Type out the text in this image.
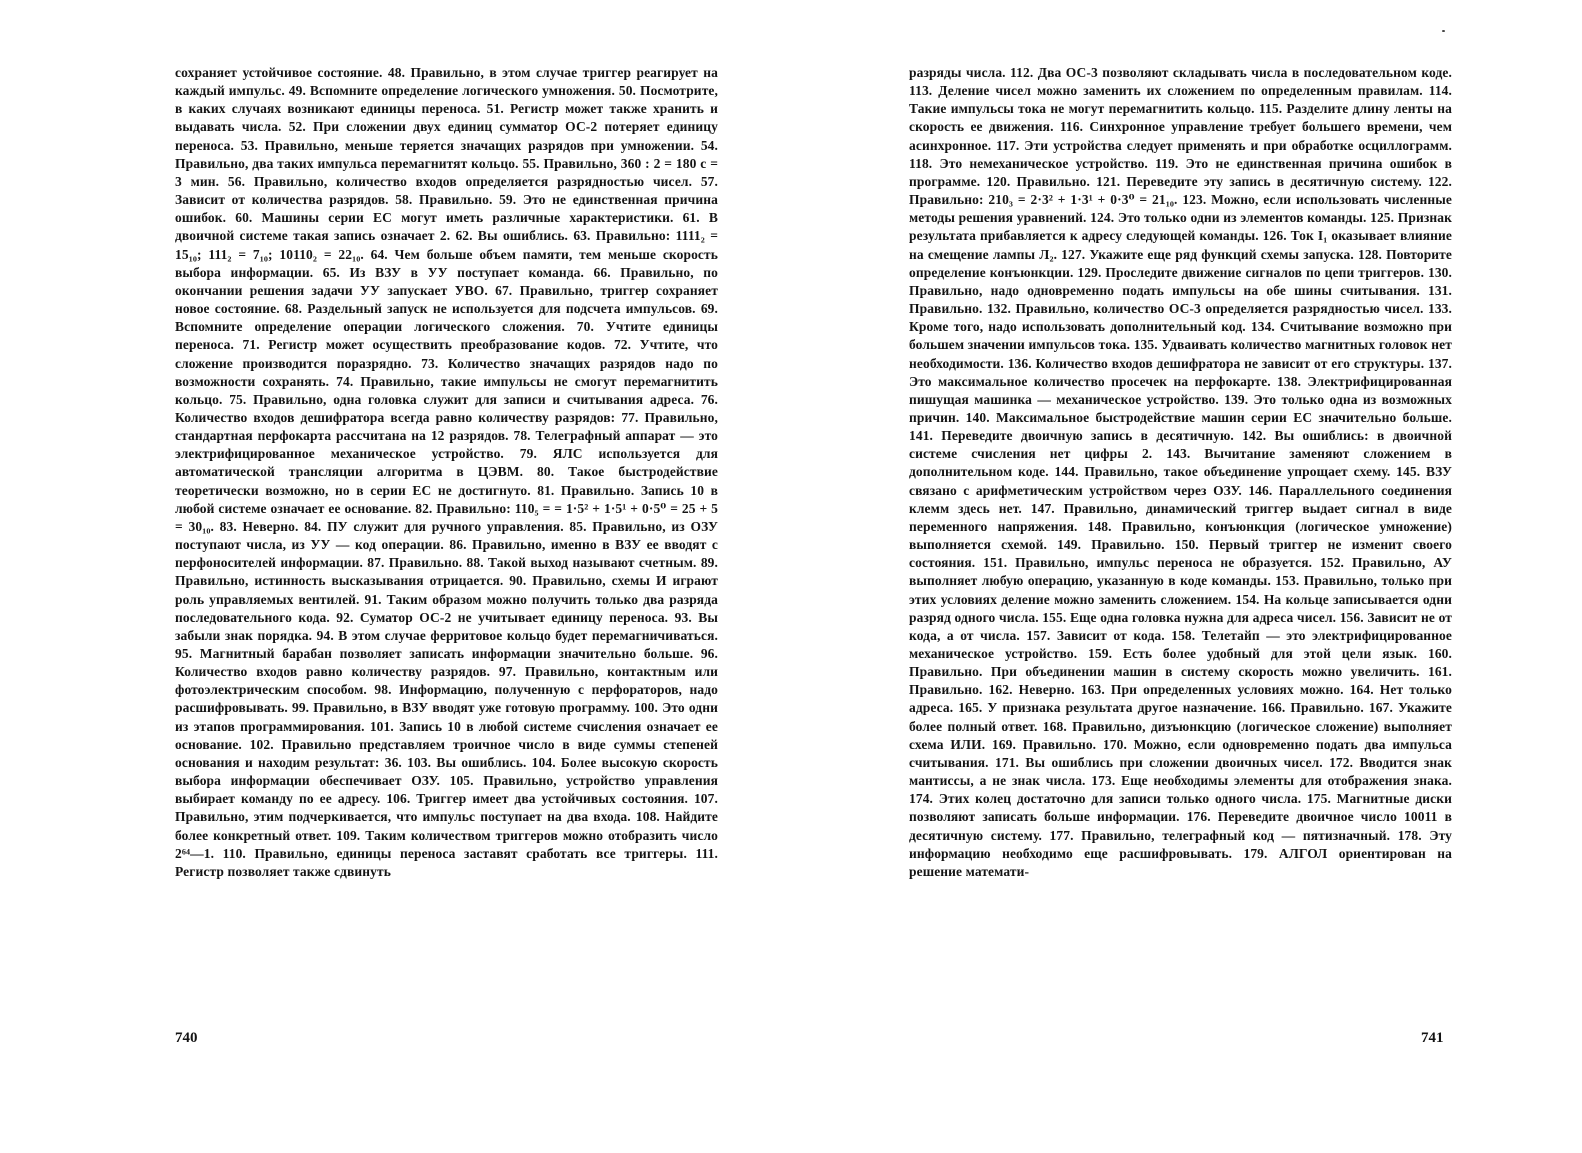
сохраняет устойчивое состояние. 48. Правильно, в этом случае триггер реагирует на каждый импульс. 49. Вспомните определение логического умножения. 50. Посмотрите, в каких случаях возникают единицы переноса. 51. Регистр может также хранить и выдавать числа. 52. При сложении двух единиц сумматор ОС-2 потеряет единицу переноса. 53. Правильно, меньше теряется значащих разрядов при умножении. 54. Правильно, два таких импульса перемагнитят кольцо. 55. Правильно, 360 : 2 = 180 с = 3 мин. 56. Правильно, количество входов определяется разрядностью чисел. 57. Зависит от количества разрядов. 58. Правильно. 59. Это не единственная причина ошибок. 60. Машины серии ЕС могут иметь различные характеристики. 61. В двоичной системе такая запись означает 2. 62. Вы ошиблись. 63. Правильно: 1111₂ = 15₁₀; 111₂ = 7₁₀; 10110₂ = 22₁₀. 64. Чем больше объем памяти, тем меньше скорость выбора информации. 65. Из ВЗУ в УУ поступает команда. 66. Правильно, по окончании решения задачи УУ запускает УВО. 67. Правильно, триггер сохраняет новое состояние. 68. Раздельный запуск не используется для подсчета импульсов. 69. Вспомните определение операции логического сложения. 70. Учтите единицы переноса. 71. Регистр может осуществить преобразование кодов. 72. Учтите, что сложение производится поразрядно. 73. Количество значащих разрядов надо по возможности сохранять. 74. Правильно, такие импульсы не смогут перемагнитить кольцо. 75. Правильно, одна головка служит для записи и считывания адреса. 76. Количество входов дешифратора всегда равно количеству разрядов: 77. Правильно, стандартная перфокарта рассчитана на 12 разрядов. 78. Телеграфный аппарат — это электрифицированное механическое устройство. 79. ЯЛС используется для автоматической трансляции алгоритма в ЦЭВМ. 80. Такое быстродействие теоретически возможно, но в серии ЕС не достигнуто. 81. Правильно. Запись 10 в любой системе означает ее основание. 82. Правильно: 110₅ = = 1·5² + 1·5¹ + 0·5⁰ = 25 + 5 = 30₁₀. 83. Неверно. 84. ПУ служит для ручного управления. 85. Правильно, из ОЗУ поступают числа, из УУ — код операции. 86. Правильно, именно в ВЗУ ее вводят с перфоносителей информации. 87. Правильно. 88. Такой выход называют счетным. 89. Правильно, истинность высказывания отрицается. 90. Правильно, схемы И играют роль управляемых вентилей. 91. Таким образом можно получить только два разряда последовательного кода. 92. Суматор ОС-2 не учитывает единицу переноса. 93. Вы забыли знак порядка. 94. В этом случае ферритовое кольцо будет перемагничиваться. 95. Магнитный барабан позволяет записать информации значительно больше. 96. Количество входов равно количеству разрядов. 97. Правильно, контактным или фотоэлектрическим способом. 98. Информацию, полученную с перфораторов, надо расшифровывать. 99. Правильно, в ВЗУ вводят уже готовую программу. 100. Это одни из этапов программирования. 101. Запись 10 в любой системе счисления означает ее основание. 102. Правильно представляем троичное число в виде суммы степеней основания и находим результат: 36. 103. Вы ошиблись. 104. Более высокую скорость выбора информации обеспечивает ОЗУ. 105. Правильно, устройство управления выбирает команду по ее адресу. 106. Триггер имеет два устойчивых состояния. 107. Правильно, этим подчеркивается, что импульс поступает на два входа. 108. Найдите более конкретный ответ. 109. Таким количеством триггеров можно отобразить число 2⁶⁴—1. 110. Правильно, единицы переноса заставят сработать все триггеры. 111. Регистр позволяет также сдвинуть
740
разряды числа. 112. Два ОС-3 позволяют складывать числа в последовательном коде. 113. Деление чисел можно заменить их сложением по определенным правилам. 114. Такие импульсы тока не могут перемагнитить кольцо. 115. Разделите длину ленты на скорость ее движения. 116. Синхронное управление требует большего времени, чем асинхронное. 117. Эти устройства следует применять и при обработке осциллограмм. 118. Это немеханическое устройство. 119. Это не единственная причина ошибок в программе. 120. Правильно. 121. Переведите эту запись в десятичную систему. 122. Правильно: 210₃ = 2·3² + 1·3¹ + 0·3⁰ = 21₁₀. 123. Можно, если использовать численные методы решения уравнений. 124. Это только одни из элементов команды. 125. Признак результата прибавляется к адресу следующей команды. 126. Ток I₁ оказывает влияние на смещение лампы Л₂. 127. Укажите еще ряд функций схемы запуска. 128. Повторите определение конъюнкции. 129. Проследите движение сигналов по цепи триггеров. 130. Правильно, надо одновременно подать импульсы на обе шины считывания. 131. Правильно. 132. Правильно, количество ОС-3 определяется разрядностью чисел. 133. Кроме того, надо использовать дополнительный код. 134. Считывание возможно при большем значении импульсов тока. 135. Удваивать количество магнитных головок нет необходимости. 136. Количество входов дешифратора не зависит от его структуры. 137. Это максимальное количество просечек на перфокарте. 138. Электрифицированная пишущая машинка — механическое устройство. 139. Это только одна из возможных причин. 140. Максимальное быстродействие машин серии ЕС значительно больше. 141. Переведите двоичную запись в десятичную. 142. Вы ошиблись: в двоичной системе счисления нет цифры 2. 143. Вычитание заменяют сложением в дополнительном коде. 144. Правильно, такое объединение упрощает схему. 145. ВЗУ связано с арифметическим устройством через ОЗУ. 146. Параллельного соединения клемм здесь нет. 147. Правильно, динамический триггер выдает сигнал в виде переменного напряжения. 148. Правильно, конъюнкция (логическое умножение) выполняется схемой. 149. Правильно. 150. Первый триггер не изменит своего состояния. 151. Правильно, импульс переноса не образуется. 152. Правильно, АУ выполняет любую операцию, указанную в коде команды. 153. Правильно, только при этих условиях деление можно заменить сложением. 154. На кольце записывается одни разряд одного числа. 155. Еще одна головка нужна для адреса чисел. 156. Зависит не от кода, а от числа. 157. Зависит от кода. 158. Телетайп — это электрифицированное механическое устройство. 159. Есть более удобный для этой цели язык. 160. Правильно. При объединении машин в систему скорость можно увеличить. 161. Правильно. 162. Неверно. 163. При определенных условиях можно. 164. Нет только адреса. 165. У признака результата другое назначение. 166. Правильно. 167. Укажите более полный ответ. 168. Правильно, дизъюнкцию (логическое сложение) выполняет схема ИЛИ. 169. Правильно. 170. Можно, если одновременно подать два импульса считывания. 171. Вы ошиблись при сложении двоичных чисел. 172. Вводится знак мантиссы, а не знак числа. 173. Еще необходимы элементы для отображения знака. 174. Этих колец достаточно для записи только одного числа. 175. Магнитные диски позволяют записать больше информации. 176. Переведите двоичное число 10011 в десятичную систему. 177. Правильно, телеграфный код — пятизначный. 178. Эту информацию необходимо еще расшифровывать. 179. АЛГОЛ ориентирован на решение математи-
741
